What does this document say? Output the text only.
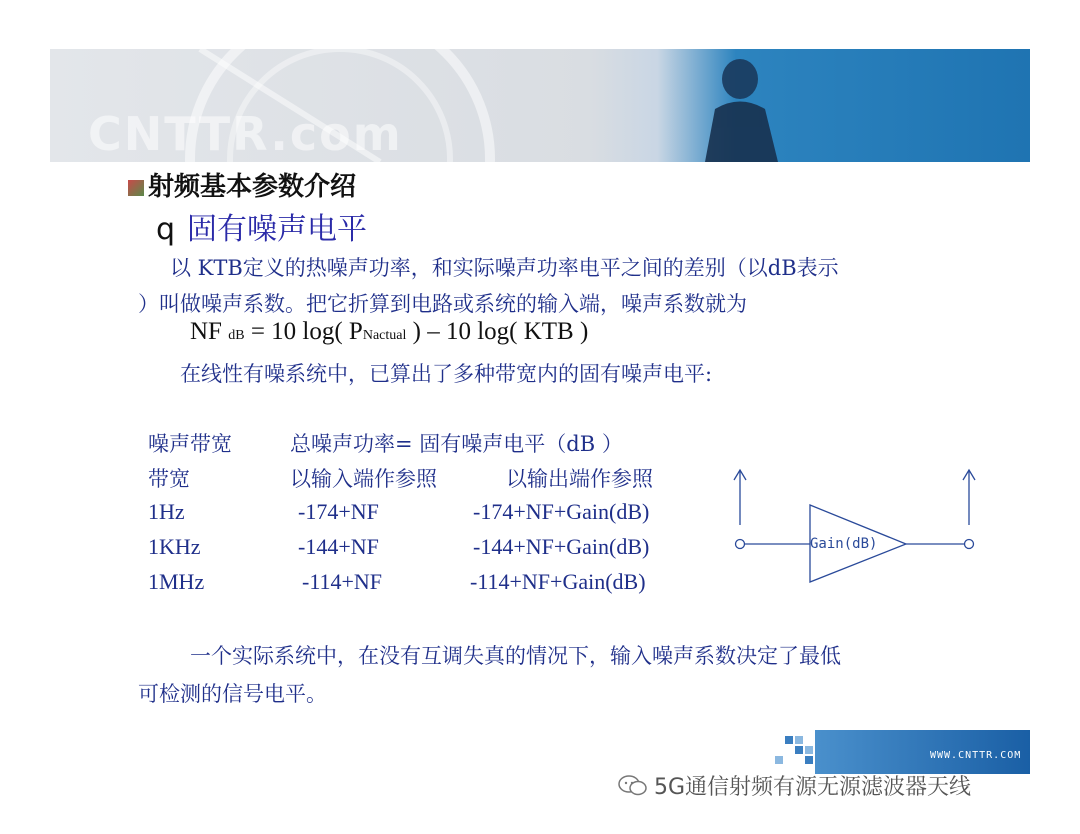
CNTTR.com
射频基本参数介绍
q 固有噪声电平
以 KTB定义的热噪声功率，和实际噪声功率电平之间的差别（以dB表示
）叫做噪声系数。把它折算到电路或系统的输入端，噪声系数就为
NF dB = 10 log( PNactual ) – 10 log( KTB )
在线性有噪系统中，已算出了多种带宽内的固有噪声电平:
噪声带宽	总噪声功率= 固有噪声电平（dB ）
带宽	以输入端作参照	以输出端作参照
1Hz	-174+NF	-174+NF+Gain(dB)
1KHz	-144+NF	-144+NF+Gain(dB)
1MHz	-114+NF	-114+NF+Gain(dB)
Gain(dB)
一个实际系统中，在没有互调失真的情况下，输入噪声系数决定了最低
可检测的信号电平。
WWW.CNTTR.COM
5G通信射频有源无源滤波器天线
